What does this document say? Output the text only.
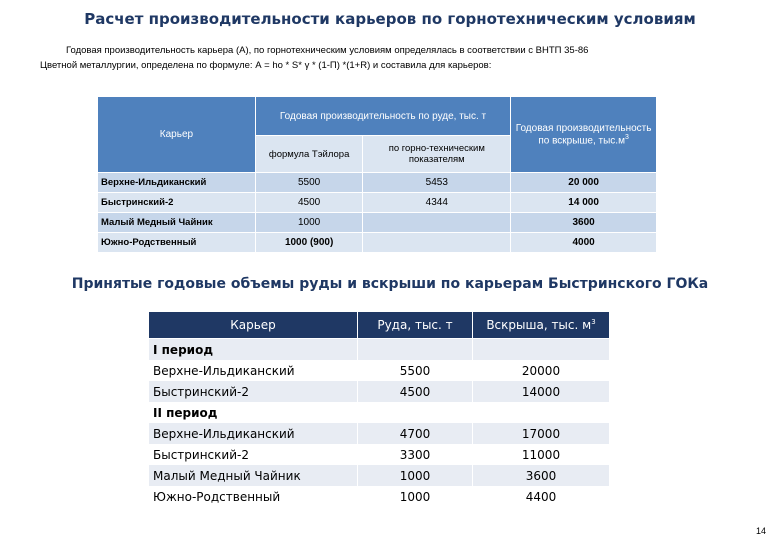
Расчет производительности карьеров по горнотехническим условиям
Годовая производительность карьера (А), по горнотехническим условиям определялась в соответствии с ВНТП 35-86
Цветной металлургии, определена по формуле: А = hо * S* γ * (1-П) *(1+R) и составила для карьеров:
Карьер	Годовая производительность по руде, тыс. т		Годовая производительность по вскрыше, $тыс.м^3$
	формула Тэйлора	по горно-техническим показателям	
Верхне-Ильдиканский	5500	5453	20 000
Быстринский-2	4500	4344	14 000
Малый Медный Чайник	1000		3600
Южно-Родственный	1000 (900)		4000
Принятые годовые объемы руды и вскрыши по карьерам Быстринского ГОКа
Карьер	Руда, тыс. т	Вскрыша, тыс. $м^3$
I период		
Верхне-Ильдиканский	5500	20000
Быстринский-2	4500	14000
II период		
Верхне-Ильдиканский	4700	17000
Быстринский-2	3300	11000
Малый Медный Чайник	1000	3600
Южно-Родственный	1000	4400
14
